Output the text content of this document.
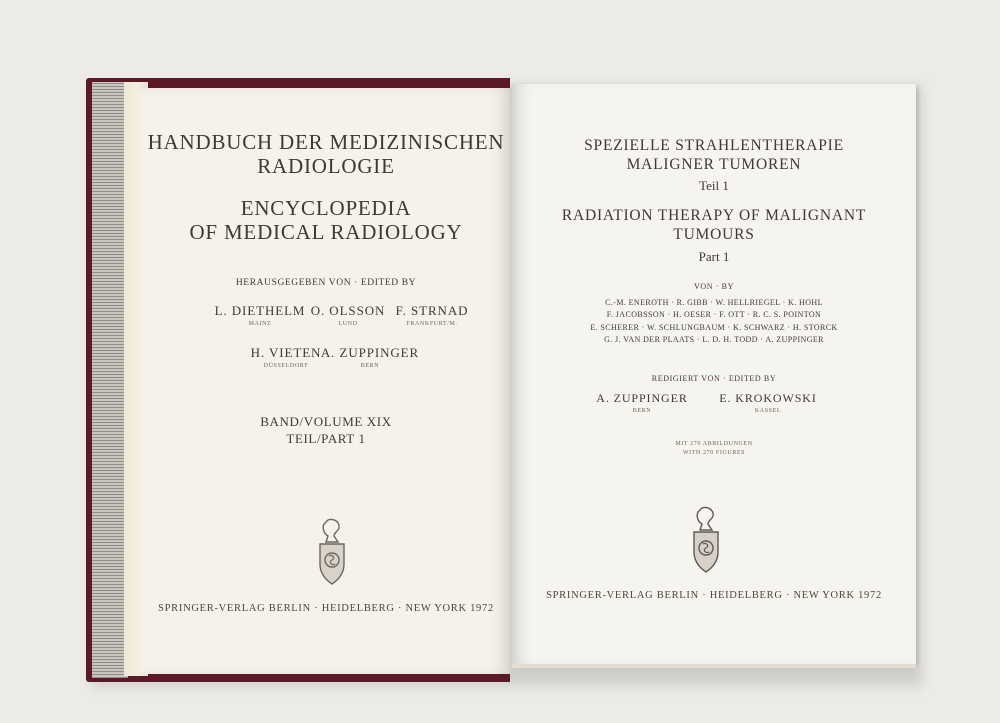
HANDBUCH DER MEDIZINISCHEN
RADIOLOGIE
ENCYCLOPEDIA
OF MEDICAL RADIOLOGY
HERAUSGEGEBEN VON · EDITED BY
L. DIETHELM
MAINZ
O. OLSSON
LUND
F. STRNAD
FRANKFURT/M.
H. VIETEN
DÜSSELDORF
A. ZUPPINGER
BERN
BAND/VOLUME XIX
TEIL/PART 1
SPRINGER-VERLAG BERLIN · HEIDELBERG · NEW YORK 1972
SPEZIELLE STRAHLENTHERAPIE
MALIGNER TUMOREN
Teil 1
RADIATION THERAPY OF MALIGNANT
TUMOURS
Part 1
VON · BY
C.-M. ENEROTH · R. GIBB · W. HELLRIEGEL · K. HOHL
F. JACOBSSON · H. OESER · F. OTT · R. C. S. POINTON
E. SCHERER · W. SCHLUNGBAUM · K. SCHWARZ · H. STORCK
G. J. VAN DER PLAATS · L. D. H. TODD · A. ZUPPINGER
REDIGIERT VON · EDITED BY
A. ZUPPINGER
BERN
E. KROKOWSKI
KASSEL
MIT 270 ABBILDUNGEN
WITH 270 FIGURES
SPRINGER-VERLAG BERLIN · HEIDELBERG · NEW YORK 1972
